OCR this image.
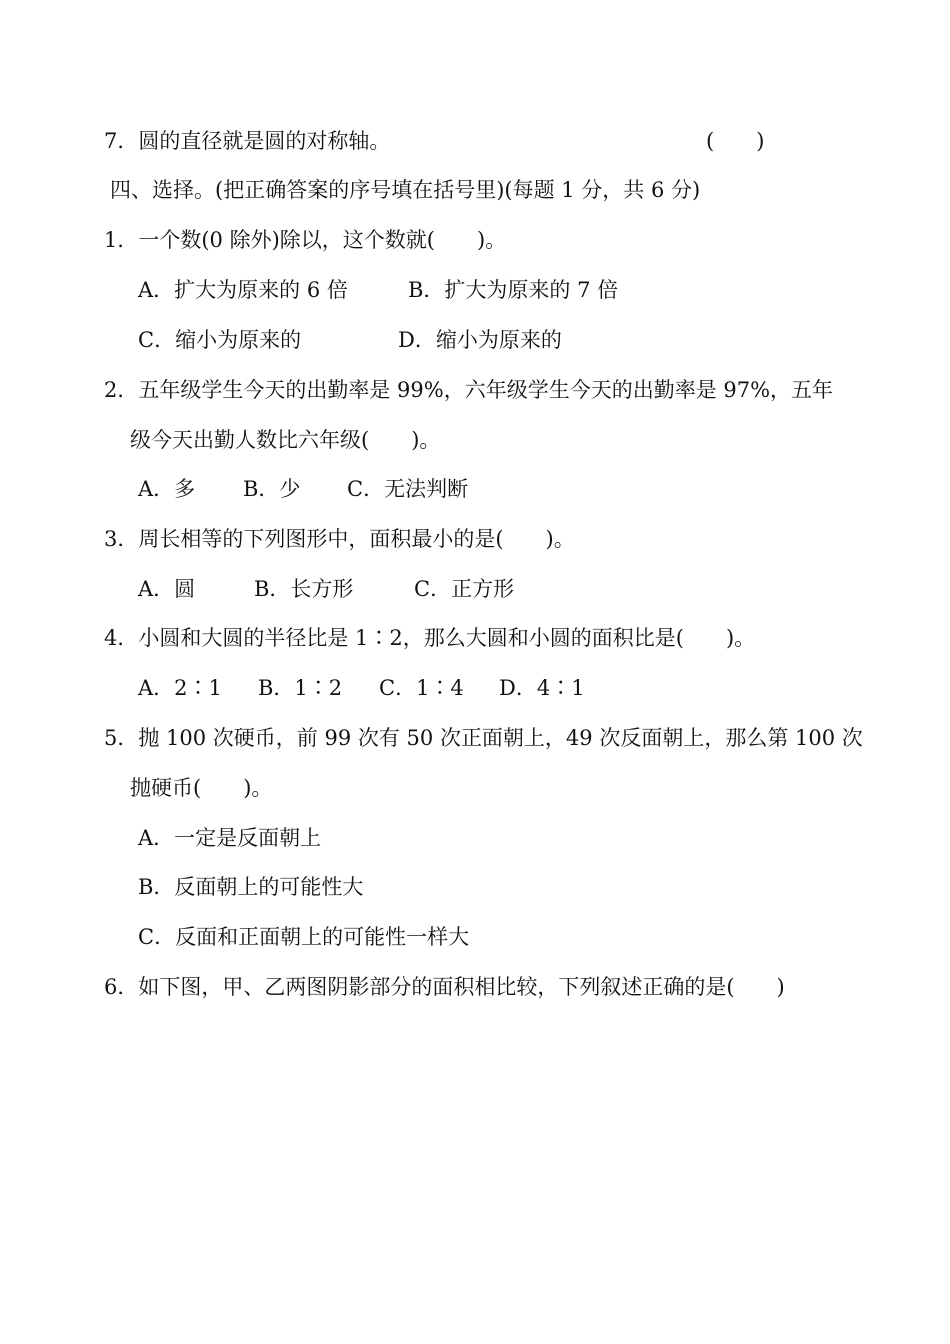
7．圆的直径就是圆的对称轴。	(　　)
四、选择。(把正确答案的序号填在括号里)(每题 1 分，共 6 分)
1．一个数(0 除外)除以，这个数就(　　)。
A．扩大为原来的 6 倍	B．扩大为原来的 7 倍
C．缩小为原来的	D．缩小为原来的
2．五年级学生今天的出勤率是 99%，六年级学生今天的出勤率是 97%，五年
级今天出勤人数比六年级(　　)。
A．多 B．少 C．无法判断
3．周长相等的下列图形中，面积最小的是(　　)。
A．圆	B．长方形	C．正方形
4．小圆和大圆的半径比是 1∶2，那么大圆和小圆的面积比是(　　)。
A．2∶1 B．1∶2 C．1∶4 D．4∶1
5．抛 100 次硬币，前 99 次有 50 次正面朝上，49 次反面朝上，那么第 100 次
抛硬币(　　)。
A．一定是反面朝上
B．反面朝上的可能性大
C．反面和正面朝上的可能性一样大
6．如下图，甲、乙两图阴影部分的面积相比较，下列叙述正确的是(　　)
